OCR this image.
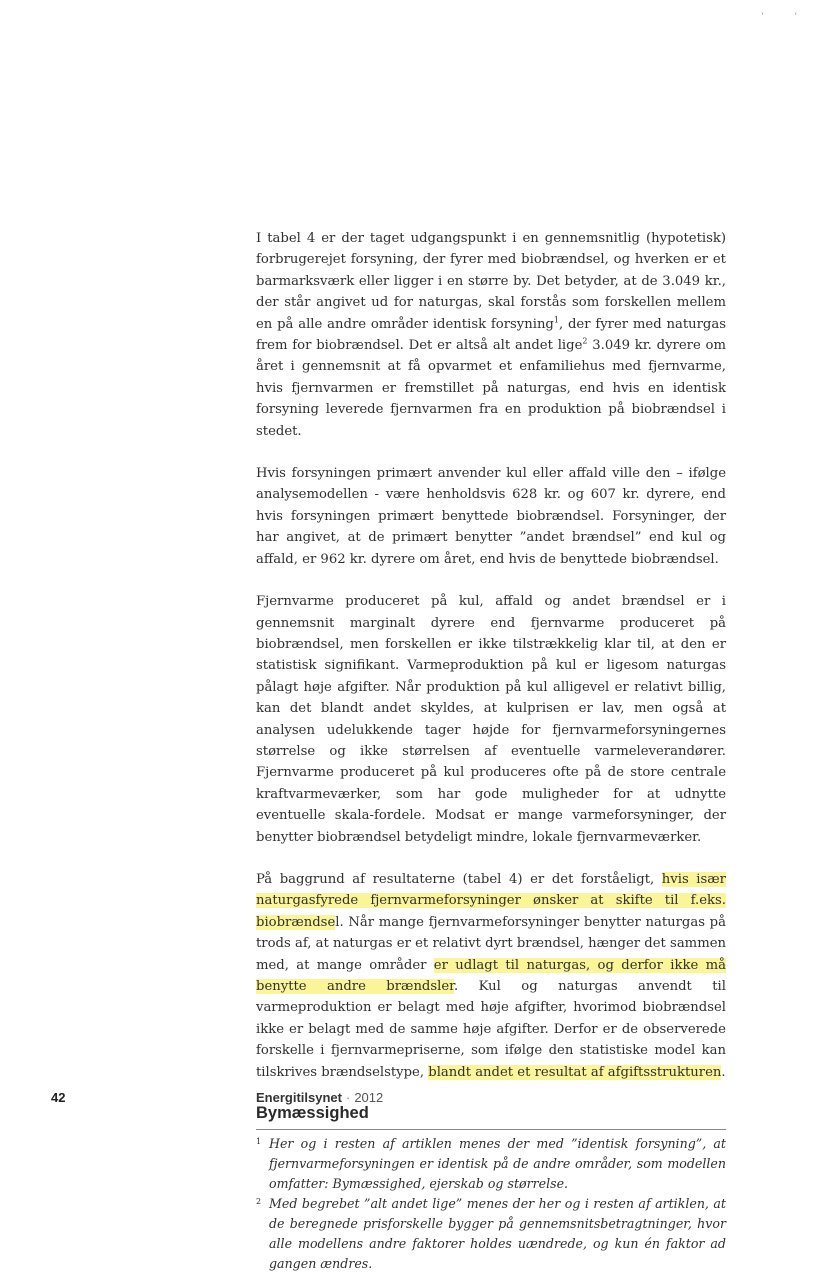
' '

I tabel 4 er der taget udgangspunkt i en gennemsnitlig (hypotetisk) forbrugerejet forsyning, der fyrer med biobrændsel, og hverken er et barmarksværk eller ligger i en større by. Det betyder, at de 3.049 kr., der står angivet ud for naturgas, skal forstås som forskellen mellem en på alle andre områder identisk forsyning$^1$, der fyrer med naturgas frem for biobrændsel. Det er altså alt andet lige$^2$ 3.049 kr. dyrere om året i gennemsnit at få opvarmet et enfamiliehus med fjernvarme, hvis fjernvarmen er fremstillet på naturgas, end hvis en identisk forsyning leverede fjernvarmen fra en produktion på biobrændsel i stedet.

Hvis forsyningen primært anvender kul eller affald ville den – ifølge analysemodellen - være henholdsvis 628 kr. og 607 kr. dyrere, end hvis forsyningen primært benyttede biobrændsel. Forsyninger, der har angivet, at de primært benytter ”andet brændsel” end kul og affald, er 962 kr. dyrere om året, end hvis de benyttede biobrændsel.

Fjernvarme produceret på kul, affald og andet brændsel er i gennemsnit marginalt dyrere end fjernvarme produceret på biobrændsel, men forskellen er ikke tilstrækkelig klar til, at den er statistisk signifikant. Varmeproduktion på kul er ligesom naturgas pålagt høje afgifter. Når produktion på kul alligevel er relativt billig, kan det blandt andet skyldes, at kulprisen er lav, men også at analysen udelukkende tager højde for fjernvarmeforsyningernes størrelse og ikke størrelsen af eventuelle varmeleverandører. Fjernvarme produceret på kul produceres ofte på de store centrale kraftvarmeværker, som har gode muligheder for at udnytte eventuelle skala-fordele. Modsat er mange varmeforsyninger, der benytter biobrændsel betydeligt mindre, lokale fjernvarmeværker.

På baggrund af resultaterne (tabel 4) er det forståeligt, hvis især naturgasfyrede fjernvarmeforsyninger ønsker at skifte til f.eks. biobrændsel. Når mange fjernvarmeforsyninger benytter naturgas på trods af, at naturgas er et relativt dyrt brændsel, hænger det sammen med, at mange områder er udlagt til naturgas, og derfor ikke må benytte andre brændsler. Kul og naturgas anvendt til varmeproduktion er belagt med høje afgifter, hvorimod biobrændsel ikke er belagt med de samme høje afgifter. Derfor er de observerede forskelle i fjernvarmepriserne, som ifølge den statistiske model kan tilskrives brændselstype, blandt andet et resultat af afgiftsstrukturen.

Bymæssighed

1 Her og i resten af artiklen menes der med ”identisk forsyning”, at fjernvarmeforsyningen er identisk på de andre områder, som modellen omfatter: Bymæssighed, ejerskab og størrelse.

2 Med begrebet ”alt andet lige” menes der her og i resten af artiklen, at de beregnede prisforskelle bygger på gennemsnitsbetragtninger, hvor alle modellens andre faktorer holdes uændrede, og kun én faktor ad gangen ændres.

42	Energitilsynet · 2012
